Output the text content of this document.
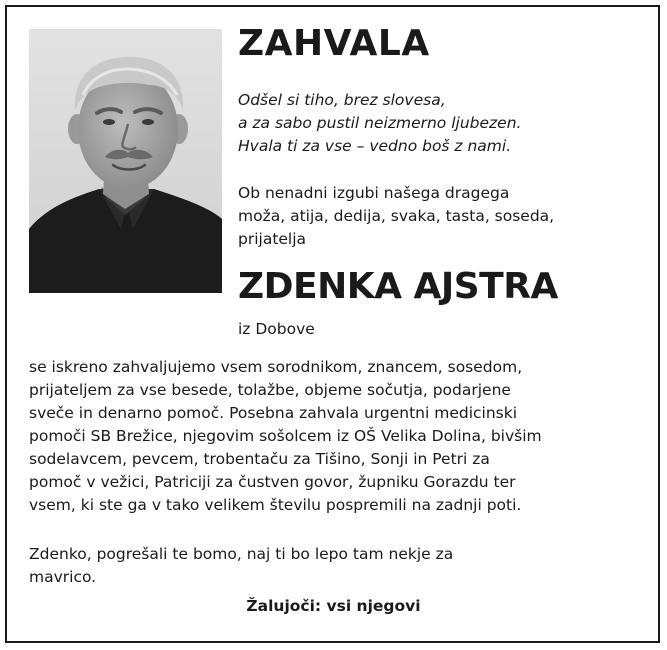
ZAHVALA
Odšel si tiho, brez slovesa,
a za sabo pustil neizmerno ljubezen.
Hvala ti za vse – vedno boš z nami.
Ob nenadni izgubi našega dragega
moža, atija, dedija, svaka, tasta, soseda,
prijatelja
ZDENKA AJSTRA
iz Dobove
se iskreno zahvaljujemo vsem sorodnikom, znancem, sosedom,
prijateljem za vse besede, tolažbe, objeme sočutja, podarjene
sveče in denarno pomoč. Posebna zahvala urgentni medicinski
pomoči SB Brežice, njegovim sošolcem iz OŠ Velika Dolina, bivšim
sodelavcem, pevcem, trobentaču za Tišino, Sonji in Petri za
pomoč v vežici, Patriciji za čustven govor, župniku Gorazdu ter
vsem, ki ste ga v tako velikem številu pospremili na zadnji poti.
Zdenko, pogrešali te bomo, naj ti bo lepo tam nekje za
mavrico.
Žalujoči: vsi njegovi
